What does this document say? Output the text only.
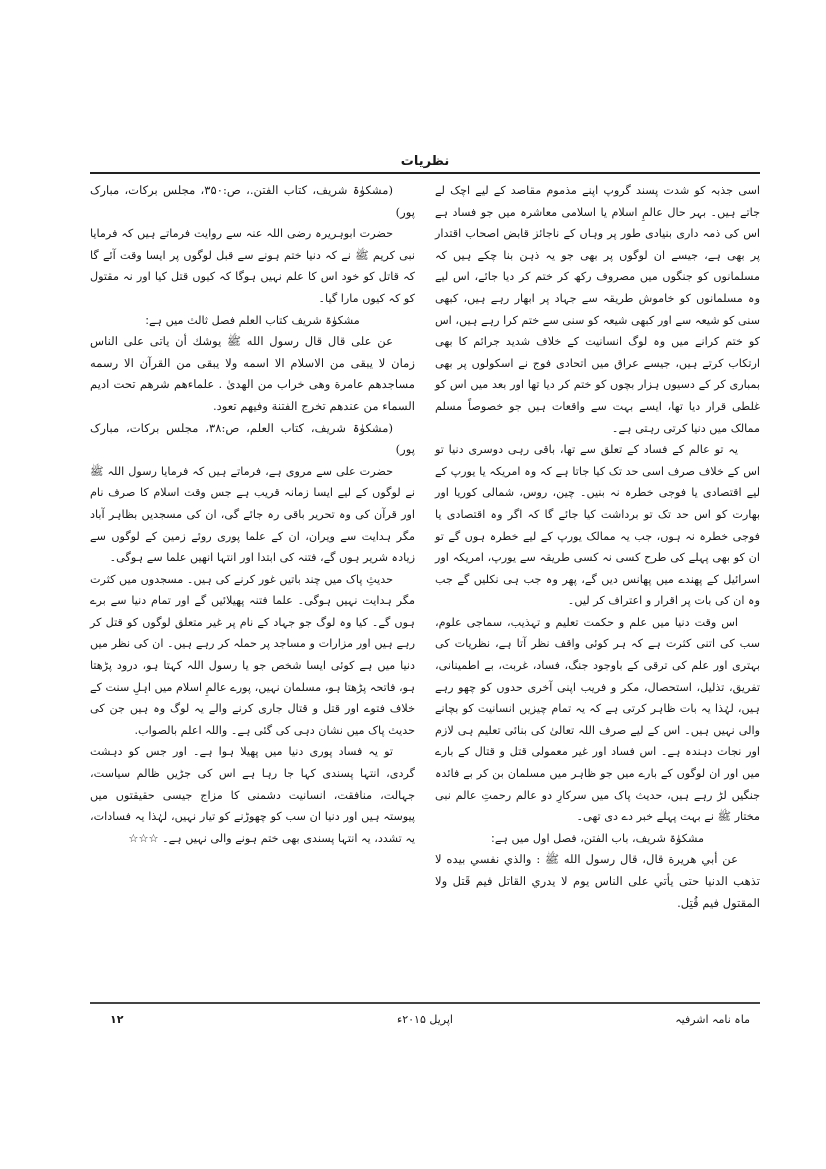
نظریات

اسی جذبہ کو شدت پسند گروپ اپنے مذموم مقاصد کے لیے اچک لے جاتے ہیں۔ بہر حال عالمِ اسلام یا اسلامی معاشرہ میں جو فساد ہے اس کی ذمہ داری بنیادی طور پر وہاں کے ناجائز قابض اصحاب اقتدار پر بھی ہے، جیسے ان لوگوں پر بھی جو یہ ذہن بنا چکے ہیں کہ مسلمانوں کو جنگوں میں مصروف رکھ کر ختم کر دیا جائے، اس لیے وہ مسلمانوں کو خاموش طریقہ سے جہاد پر ابھار رہے ہیں، کبھی سنی کو شیعہ سے اور کبھی شیعہ کو سنی سے ختم کرا رہے ہیں، اس کو ختم کرانے میں وہ لوگ انسانیت کے خلاف شدید جرائم کا بھی ارتکاب کرتے ہیں، جیسے عراق میں اتحادی فوج نے اسکولوں پر بھی بمباری کر کے دسیوں ہزار بچوں کو ختم کر دیا تھا اور بعد میں اس کو غلطی قرار دیا تھا، ایسے بہت سے واقعات ہیں جو خصوصاً مسلم ممالک میں دنیا کرتی رہتی ہے۔

یہ تو عالم کے فساد کے تعلق سے تھا، باقی رہی دوسری دنیا تو اس کے خلاف صرف اسی حد تک کیا جاتا ہے کہ وہ امریکہ یا یورپ کے لیے اقتصادی یا فوجی خطرہ نہ بنیں۔ چین، روس، شمالی کوریا اور بھارت کو اس حد تک تو برداشت کیا جائے گا کہ اگر وہ اقتصادی یا فوجی خطرہ نہ ہوں، جب یہ ممالک یورپ کے لیے خطرہ ہوں گے تو ان کو بھی پہلے کی طرح کسی نہ کسی طریقہ سے یورپ، امریکہ اور اسرائیل کے پھندے میں پھانس دیں گے، پھر وہ جب ہی نکلیں گے جب وہ ان کی بات پر اقرار و اعتراف کر لیں۔

اس وقت دنیا میں علم و حکمت تعلیم و تہذیب، سماجی علوم، سب کی اتنی کثرت ہے کہ ہر کوئی واقف نظر آتا ہے، نظریات کی بہتری اور علم کی ترقی کے باوجود جنگ، فساد، غربت، بے اطمینانی، تفریق، تذلیل، استحصال، مکر و فریب اپنی آخری حدوں کو چھو رہے ہیں، لہٰذا یہ بات ظاہر کرتی ہے کہ یہ تمام چیزیں انسانیت کو بچانے والی نہیں ہیں۔ اس کے لیے صرف اللہ تعالیٰ کی بنائی تعلیم ہی لازم اور نجات دہندہ ہے۔ اس فساد اور غیر معمولی قتل و قتال کے بارے میں اور ان لوگوں کے بارے میں جو ظاہر میں مسلمان بن کر بے فائدہ جنگیں لڑ رہے ہیں، حدیث پاک میں سرکارِ دو عالم رحمتِ عالم نبی مختار ﷺ نے بہت پہلے خبر دے دی تھی۔

مشکوٰۃ شریف، باب الفتن، فصل اول میں ہے:

عن أبي هريرة قال، قال رسول الله ﷺ : والذي نفسي بيده لا تذهب الدنيا حتى يأتي على الناس يوم لا يدري القاتل فيم قَتل ولا المقتول فيم قُتِل.

(مشکوٰۃ شریف، کتاب الفتن.، ص:۳۵۰، مجلس برکات، مبارک پور)

حضرت ابوہریرہ رضی اللہ عنہ سے روایت فرماتے ہیں کہ فرمایا نبی کریم ﷺ نے کہ دنیا ختم ہونے سے قبل لوگوں پر ایسا وقت آئے گا کہ قاتل کو خود اس کا علم نہیں ہوگا کہ کیوں قتل کیا اور نہ مقتول کو کہ کیوں مارا گیا۔

مشکوٰۃ شریف کتاب العلم فصل ثالث میں ہے:

عن علی قال قال رسول الله ﷺ يوشك أن ياتی على الناس زمان لا يبقى من الاسلام الا اسمه ولا يبقى من القرآن الا رسمه مساجدهم عامرة وهی خراب من الهدیٰ . علماءهم شرهم تحت اديم السماء من عندهم تخرج الفتنة وفيهم تعود.

(مشکوٰۃ شریف، کتاب العلم، ص:۳۸، مجلس برکات، مبارک پور)

حضرت علی سے مروی ہے، فرماتے ہیں کہ فرمایا رسول اللہ ﷺ نے لوگوں کے لیے ایسا زمانہ قریب ہے جس وقت اسلام کا صرف نام اور قرآن کی وہ تحریر باقی رہ جائے گی، ان کی مسجدیں بظاہر آباد مگر ہدایت سے ویران، ان کے علما پوری روئے زمین کے لوگوں سے زیادہ شریر ہوں گے، فتنہ کی ابتدا اور انتہا انھیں علما سے ہوگی۔

حدیثِ پاک میں چند باتیں غور کرنے کی ہیں۔ مسجدوں میں کثرت مگر ہدایت نہیں ہوگی۔ علما فتنہ پھیلائیں گے اور تمام دنیا سے برے ہوں گے۔ کیا وہ لوگ جو جہاد کے نام پر غیر متعلق لوگوں کو قتل کر رہے ہیں اور مزارات و مساجد پر حملہ کر رہے ہیں۔ ان کی نظر میں دنیا میں ہے کوئی ایسا شخص جو یا رسول اللہ کہتا ہو، درود پڑھتا ہو، فاتحہ پڑھتا ہو، مسلمان نہیں، پورے عالمِ اسلام میں اہلِ سنت کے خلاف فتوے اور قتل و قتال جاری کرنے والے یہ لوگ وہ ہیں جن کی حدیث پاک میں نشان دہی کی گئی ہے۔ واللہ اعلم بالصواب.

تو یہ فساد پوری دنیا میں پھیلا ہوا ہے۔ اور جس کو دہشت گردی، انتہا پسندی کہا جا رہا ہے اس کی جڑیں ظالم سیاست، جہالت، منافقت، انسانیت دشمنی کا مزاج جیسی حقیقتوں میں پیوستہ ہیں اور دنیا ان سب کو چھوڑنے کو تیار نہیں، لہٰذا یہ فسادات، یہ تشدد، یہ انتہا پسندی بھی ختم ہونے والی نہیں ہے۔ ☆☆☆

۱۲	اپریل ۲۰۱۵ء	ماہ نامہ اشرفیہ
